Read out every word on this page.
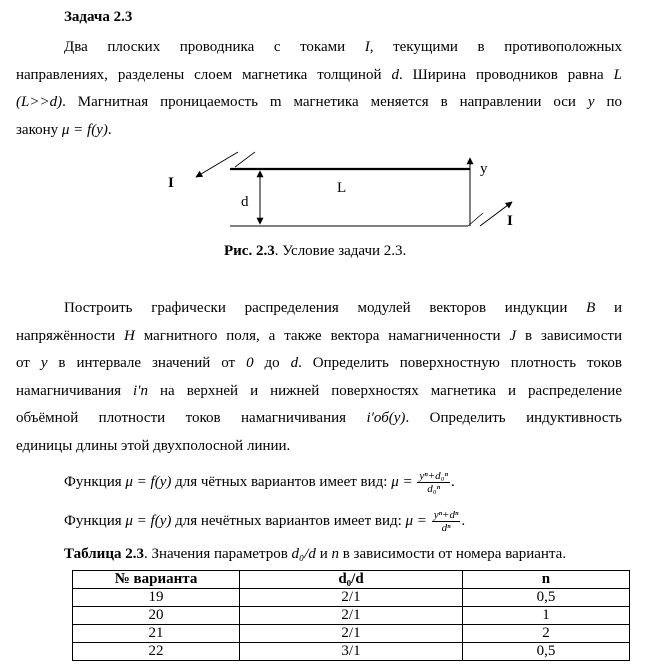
Задача 2.3
Два плоских проводника с токами I, текущими в противоположных
направлениях, разделены слоем магнетика толщиной d. Ширина проводников равна L
(L>>d). Магнитная проницаемость m магнетика меняется в направлении оси y по
закону μ = f(y).
I⃗
I⃗
L
d
y
Рис. 2.3. Условие задачи 2.3.
Построить графически распределения модулей векторов индукции B и
напряжённости H магнитного поля, а также вектора намагниченности J в зависимости
от y в интервале значений от 0 до d. Определить поверхностную плотность токов
намагничивания i′п на верхней и нижней поверхностях магнетика и распределение
объёмной плотности токов намагничивания i′об(y). Определить индуктивность
единицы длины этой двухполосной линии.
Функция μ = f(y) для чётных вариантов имеет вид: $\mu = \frac{\text{yⁿ+d₀ⁿ}}{\text{d₀ⁿ}}$ .
Функция μ = f(y) для нечётных вариантов имеет вид: $\mu = \frac{\text{yⁿ+dⁿ}}{\text{dⁿ}}$ .
Таблица 2.3. Значения параметров d₀/d и n в зависимости от номера варианта.
№ варианта	d₀/d	n
19	2/1	0,5
20	2/1	1
21	2/1	2
22	3/1	0,5
